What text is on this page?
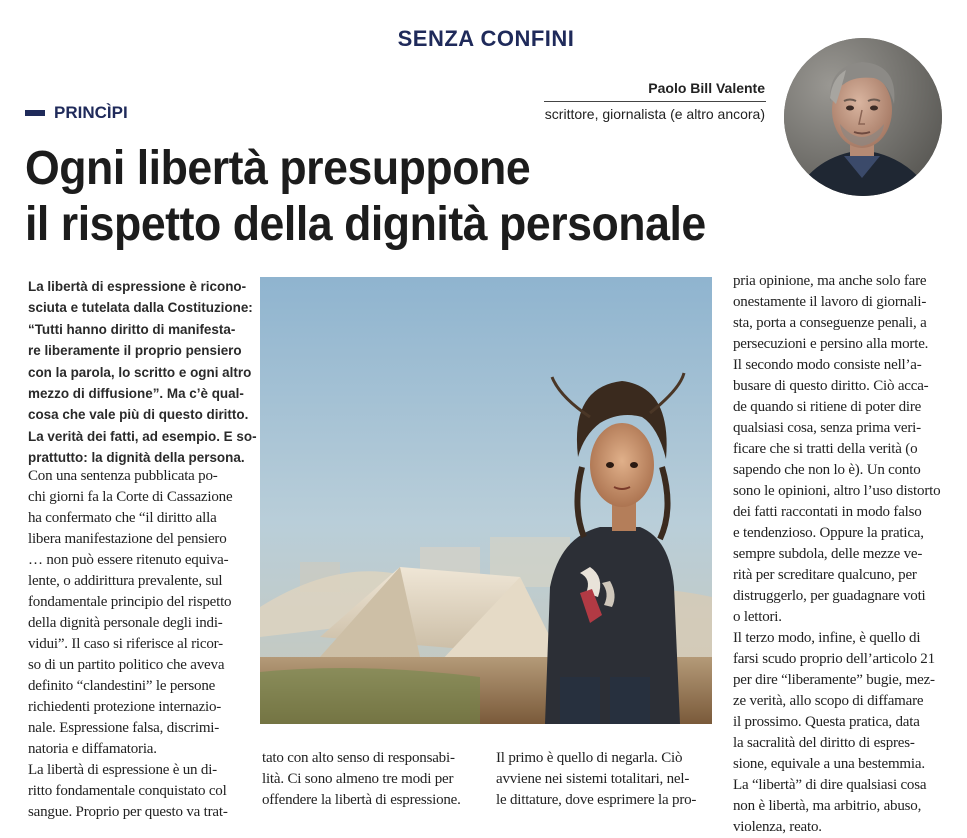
SENZA CONFINI
Paolo Bill Valente
scrittore, giornalista (e altro ancora)
PRINCÌPI
Ogni libertà presuppone
il rispetto della dignità personale
La libertà di espressione è ricono-
sciuta e tutelata dalla Costituzione:
“Tutti hanno diritto di manifesta-
re liberamente il proprio pensiero
con la parola, lo scritto e ogni altro
mezzo di diffusione”. Ma c’è qual-
cosa che vale più di questo diritto.
La verità dei fatti, ad esempio. E so-
prattutto: la dignità della persona.
Con una sentenza pubblicata po-
chi giorni fa la Corte di Cassazione
ha confermato che “il diritto alla
libera manifestazione del pensiero
… non può essere ritenuto equiva-
lente, o addirittura prevalente, sul
fondamentale principio del rispetto
della dignità personale degli indi-
vidui”. Il caso si riferisce al ricor-
so di un partito politico che aveva
definito “clandestini” le persone
richiedenti protezione internazio-
nale. Espressione falsa, discrimi-
natoria e diffamatoria.
La libertà di espressione è un di-
ritto fondamentale conquistato col
sangue. Proprio per questo va trat-
tato con alto senso di responsabi-
lità. Ci sono almeno tre modi per
offendere la libertà di espressione.
Il primo è quello di negarla. Ciò
avviene nei sistemi totalitari, nel-
le dittature, dove esprimere la pro-
pria opinione, ma anche solo fare
onestamente il lavoro di giornali-
sta, porta a conseguenze penali, a
persecuzioni e persino alla morte.
Il secondo modo consiste nell’a-
busare di questo diritto. Ciò acca-
de quando si ritiene di poter dire
qualsiasi cosa, senza prima veri-
ficare che si tratti della verità (o
sapendo che non lo è). Un conto
sono le opinioni, altro l’uso distorto
dei fatti raccontati in modo falso
e tendenzioso. Oppure la pratica,
sempre subdola, delle mezze ve-
rità per screditare qualcuno, per
distruggerlo, per guadagnare voti
o lettori.
Il terzo modo, infine, è quello di
farsi scudo proprio dell’articolo 21
per dire “liberamente” bugie, mez-
ze verità, allo scopo di diffamare
il prossimo. Questa pratica, data
la sacralità del diritto di espres-
sione, equivale a una bestemmia.
La “libertà” di dire qualsiasi cosa
non è libertà, ma arbitrio, abuso,
violenza, reato.
